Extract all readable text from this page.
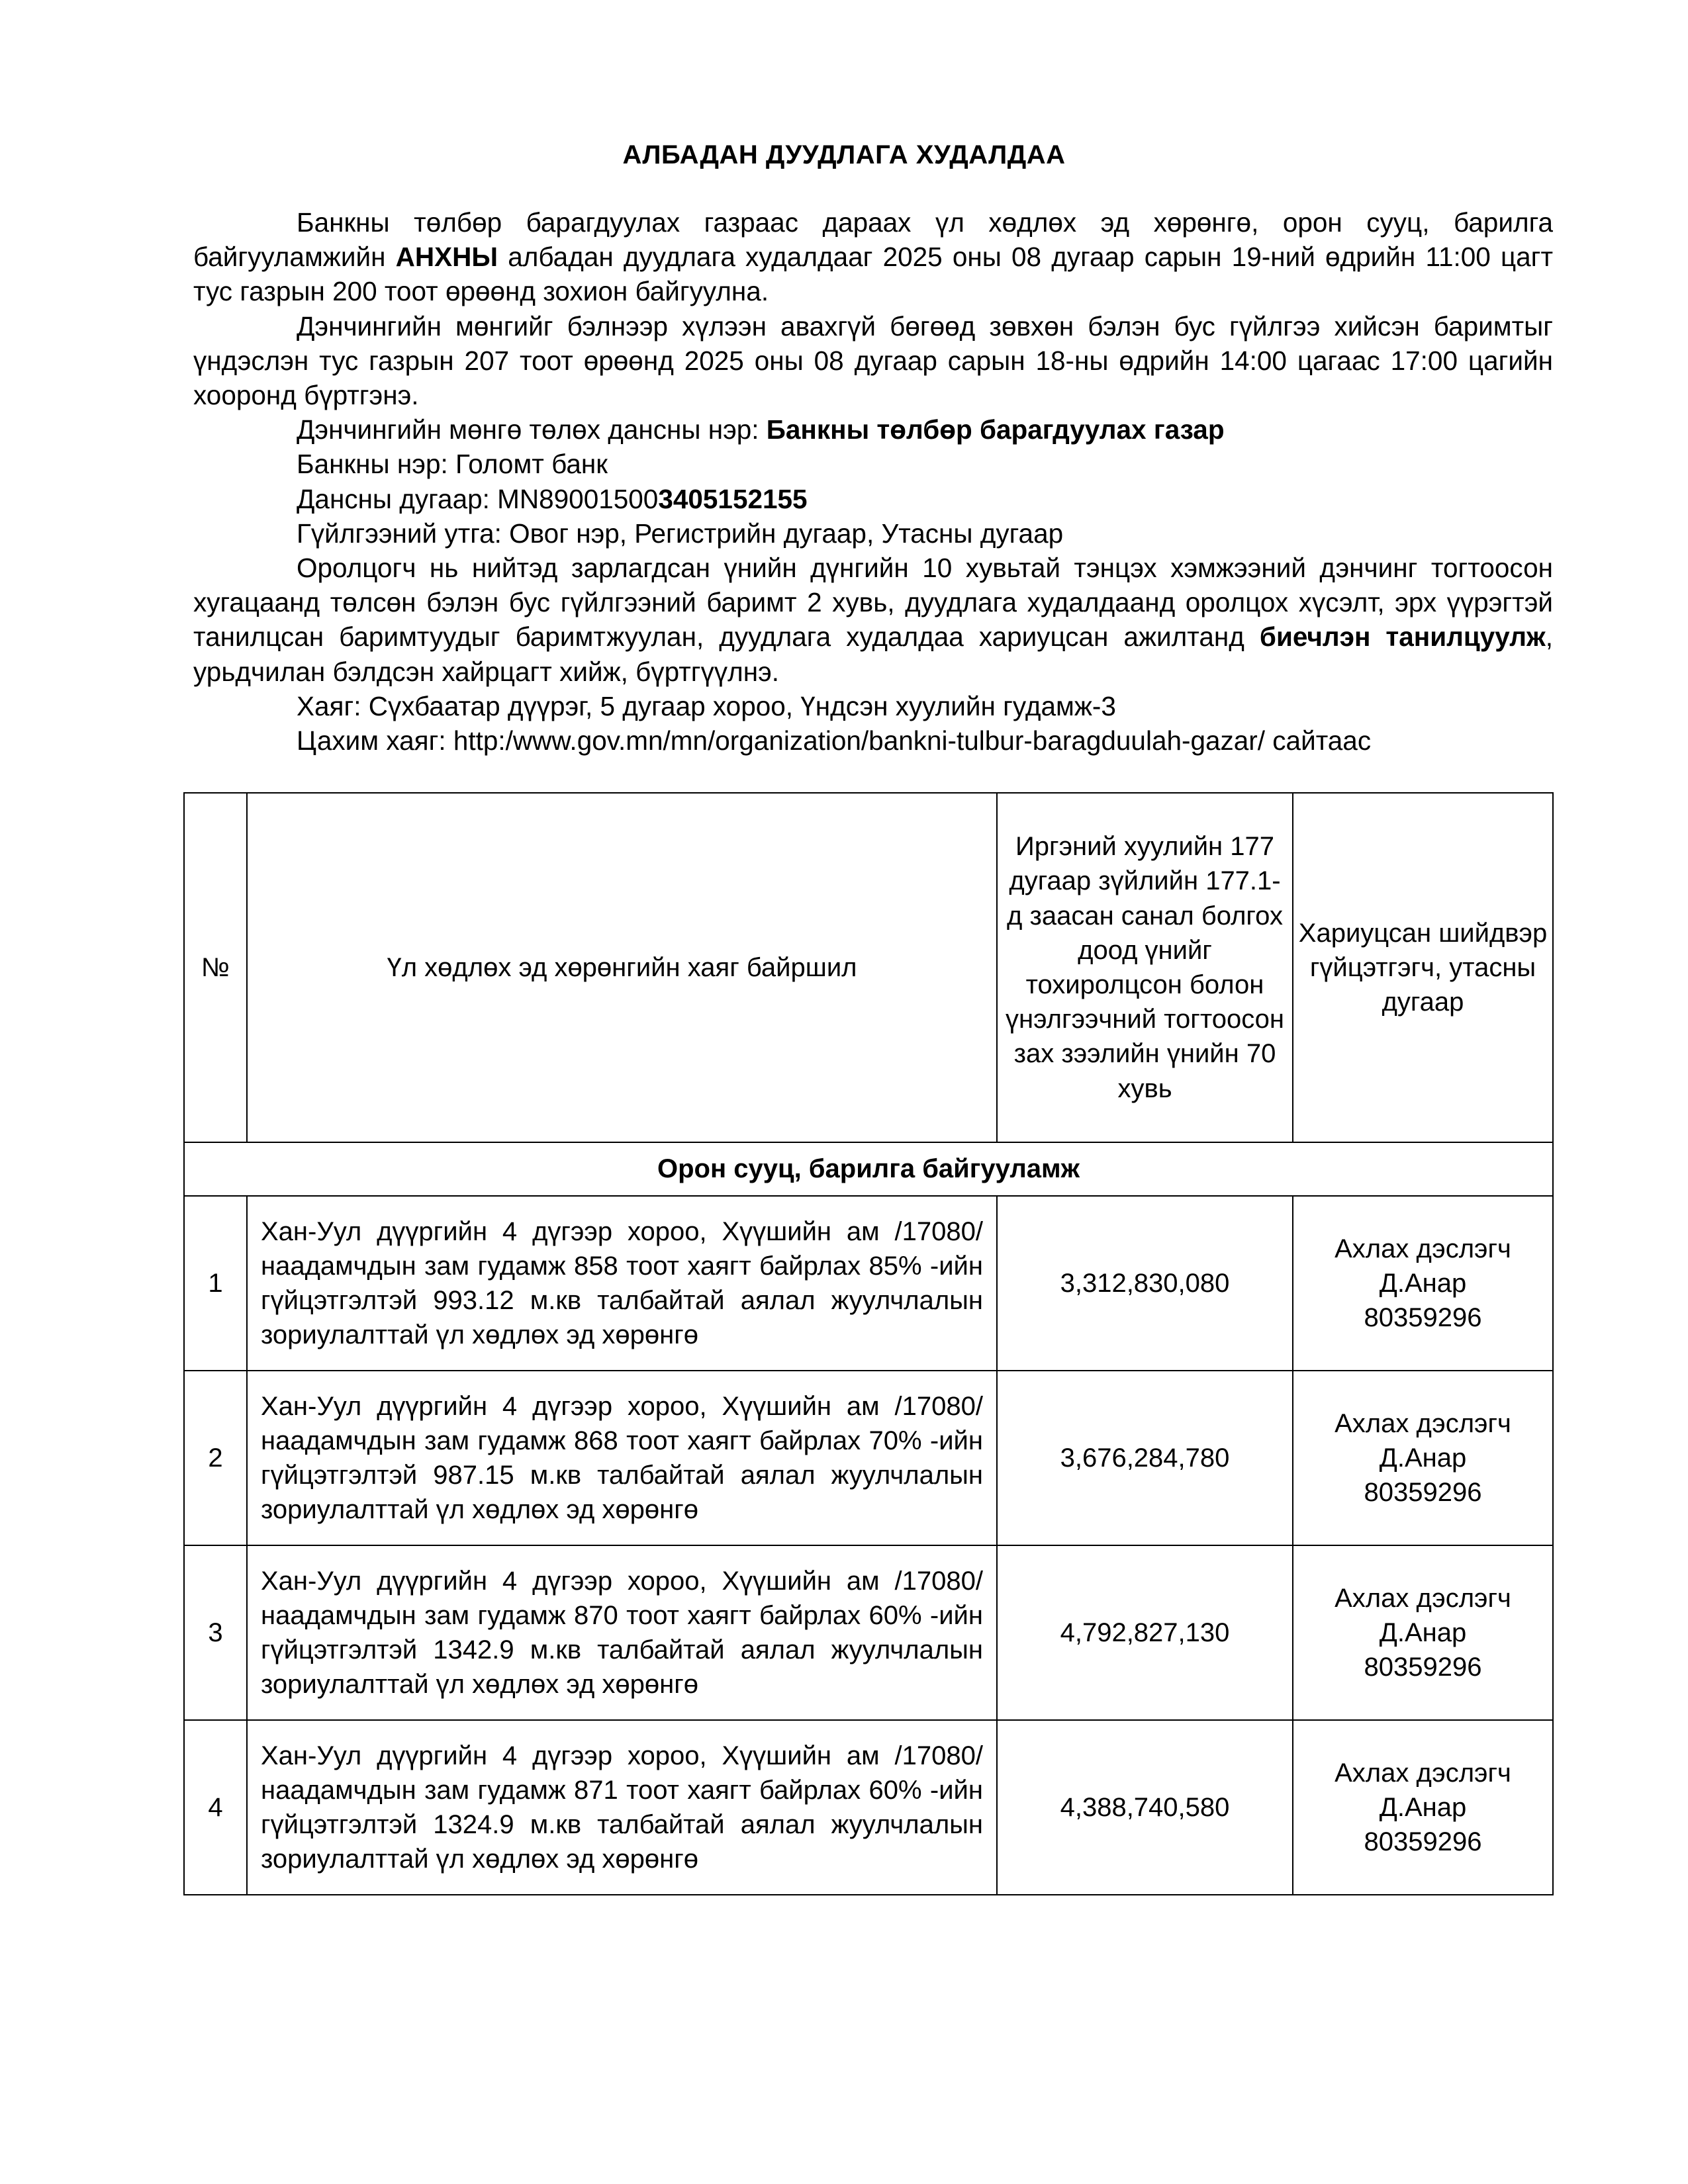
АЛБАДАН ДУУДЛАГА ХУДАЛДАА

Банкны төлбөр барагдуулах газраас дараах үл хөдлөх эд хөрөнгө, орон сууц, барилга байгууламжийн АНХНЫ албадан дуудлага худалдааг 2025 оны 08 дугаар сарын 19-ний өдрийн 11:00 цагт тус газрын 200 тоот өрөөнд зохион байгуулна.

Дэнчингийн мөнгийг бэлнээр хүлээн авахгүй бөгөөд зөвхөн бэлэн бус гүйлгээ хийсэн баримтыг үндэслэн тус газрын 207 тоот өрөөнд 2025 оны 08 дугаар сарын 18-ны өдрийн 14:00 цагаас 17:00 цагийн хооронд бүртгэнэ.

Дэнчингийн мөнгө төлөх дансны нэр: Банкны төлбөр барагдуулах газар

Банкны нэр: Голомт банк

Дансны дугаар: MN890015003405152155

Гүйлгээний утга: Овог нэр, Регистрийн дугаар, Утасны дугаар

Оролцогч нь нийтэд зарлагдсан үнийн дүнгийн 10 хувьтай тэнцэх хэмжээний дэнчинг тогтоосон хугацаанд төлсөн бэлэн бус гүйлгээний баримт 2 хувь, дуудлага худалдаанд оролцох хүсэлт, эрх үүрэгтэй танилцсан баримтуудыг баримтжуулан, дуудлага худалдаа хариуцсан ажилтанд биечлэн танилцуулж, урьдчилан бэлдсэн хайрцагт хийж, бүртгүүлнэ.

Хаяг: Сүхбаатар дүүрэг, 5 дугаар хороо, Үндсэн хуулийн гудамж-3

Цахим хаяг: http:/www.gov.mn/mn/organization/bankni-tulbur-baragduulah-gazar/ сайтаас

№	Үл хөдлөх эд хөрөнгийн хаяг байршил	Иргэний хуулийн 177 дугаар зүйлийн 177.1-д заасан санал болгох доод үнийг тохиролцсон болон үнэлгээчний тогтоосон зах зээлийн үнийн 70 хувь	Хариуцсан шийдвэр гүйцэтгэгч, утасны дугаар
Орон сууц, барилга байгууламж			
1	Хан-Уул дүүргийн 4 дүгээр хороо, Хүүшийн ам /17080/ наадамчдын зам гудамж 858 тоот хаягт байрлах 85% -ийн гүйцэтгэлтэй 993.12 м.кв талбайтай аялал жуулчлалын зориулалттай үл хөдлөх эд хөрөнгө	3,312,830,080	Ахлах дэслэгч
Д.Анар
80359296

2	Хан-Уул дүүргийн 4 дүгээр хороо, Хүүшийн ам /17080/ наадамчдын зам гудамж 868 тоот хаягт байрлах 70% -ийн гүйцэтгэлтэй 987.15 м.кв талбайтай аялал жуулчлалын зориулалттай үл хөдлөх эд хөрөнгө	3,676,284,780	Ахлах дэслэгч
Д.Анар
80359296

3	Хан-Уул дүүргийн 4 дүгээр хороо, Хүүшийн ам /17080/ наадамчдын зам гудамж 870 тоот хаягт байрлах 60% -ийн гүйцэтгэлтэй 1342.9 м.кв талбайтай аялал жуулчлалын зориулалттай үл хөдлөх эд хөрөнгө	4,792,827,130	Ахлах дэслэгч
Д.Анар
80359296

4	Хан-Уул дүүргийн 4 дүгээр хороо, Хүүшийн ам /17080/ наадамчдын зам гудамж 871 тоот хаягт байрлах 60% -ийн гүйцэтгэлтэй 1324.9 м.кв талбайтай аялал жуулчлалын зориулалттай үл хөдлөх эд хөрөнгө	4,388,740,580	Ахлах дэслэгч
Д.Анар
80359296
